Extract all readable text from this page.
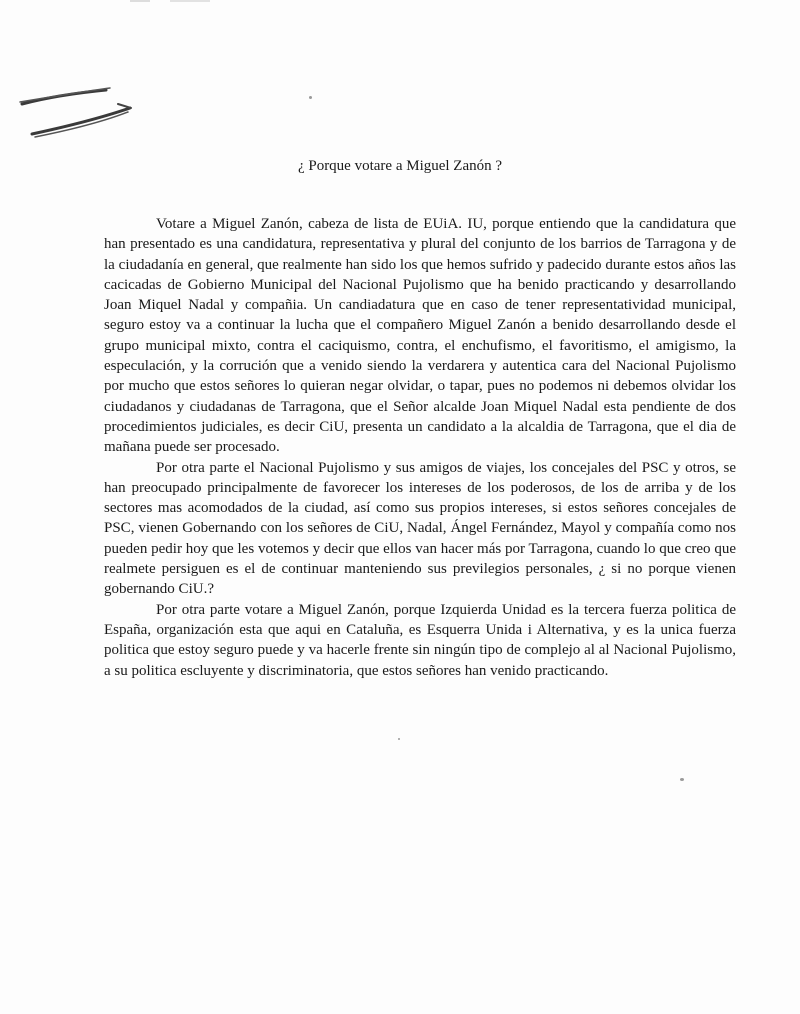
¿ Porque votare a Miguel Zanón ?

Votare a Miguel Zanón, cabeza de lista de EUiA. IU, porque entiendo que la candidatura que han presentado es una candidatura, representativa y plural del conjunto de los barrios de Tarragona y de la ciudadanía en general, que realmente han sido los que hemos sufrido y padecido durante estos años las cacicadas de Gobierno Municipal del Nacional Pujolismo que ha benido practicando y desarrollando Joan Miquel Nadal y compañia. Un candiadatura que en caso de tener representatividad municipal, seguro estoy va a continuar la lucha que el compañero Miguel Zanón a benido desarrollando desde el grupo municipal mixto, contra el caciquismo, contra, el enchufismo, el favoritismo, el amigismo, la especulación, y la corrución que a venido siendo la verdarera y autentica cara del Nacional Pujolismo por mucho que estos señores lo quieran negar olvidar, o tapar, pues no podemos ni debemos olvidar los ciudadanos y ciudadanas de Tarragona, que el Señor alcalde Joan Miquel Nadal esta pendiente de dos procedimientos judiciales, es decir CiU, presenta un candidato a la alcaldia de Tarragona, que el dia de mañana puede ser procesado.

Por otra parte el Nacional Pujolismo y sus amigos de viajes, los concejales del PSC y otros, se han preocupado principalmente de favorecer los intereses de los poderosos, de los de arriba y de los sectores mas acomodados de la ciudad, así como sus propios intereses, si estos señores concejales de PSC, vienen Gobernando con los señores de CiU, Nadal, Ángel Fernández, Mayol y compañía como nos pueden pedir hoy que les votemos y decir que ellos van hacer más por Tarragona, cuando lo que creo que realmete persiguen es el de continuar manteniendo sus previlegios personales, ¿ si no porque vienen gobernando CiU.?

Por otra parte votare a Miguel Zanón, porque Izquierda Unidad es la tercera fuerza politica de España, organización esta que aqui en Cataluña, es Esquerra Unida i Alternativa, y es la unica fuerza politica que estoy seguro puede y va hacerle frente sin ningún tipo de complejo al al Nacional Pujolismo, a su politica escluyente y discriminatoria, que estos señores han venido practicando.
